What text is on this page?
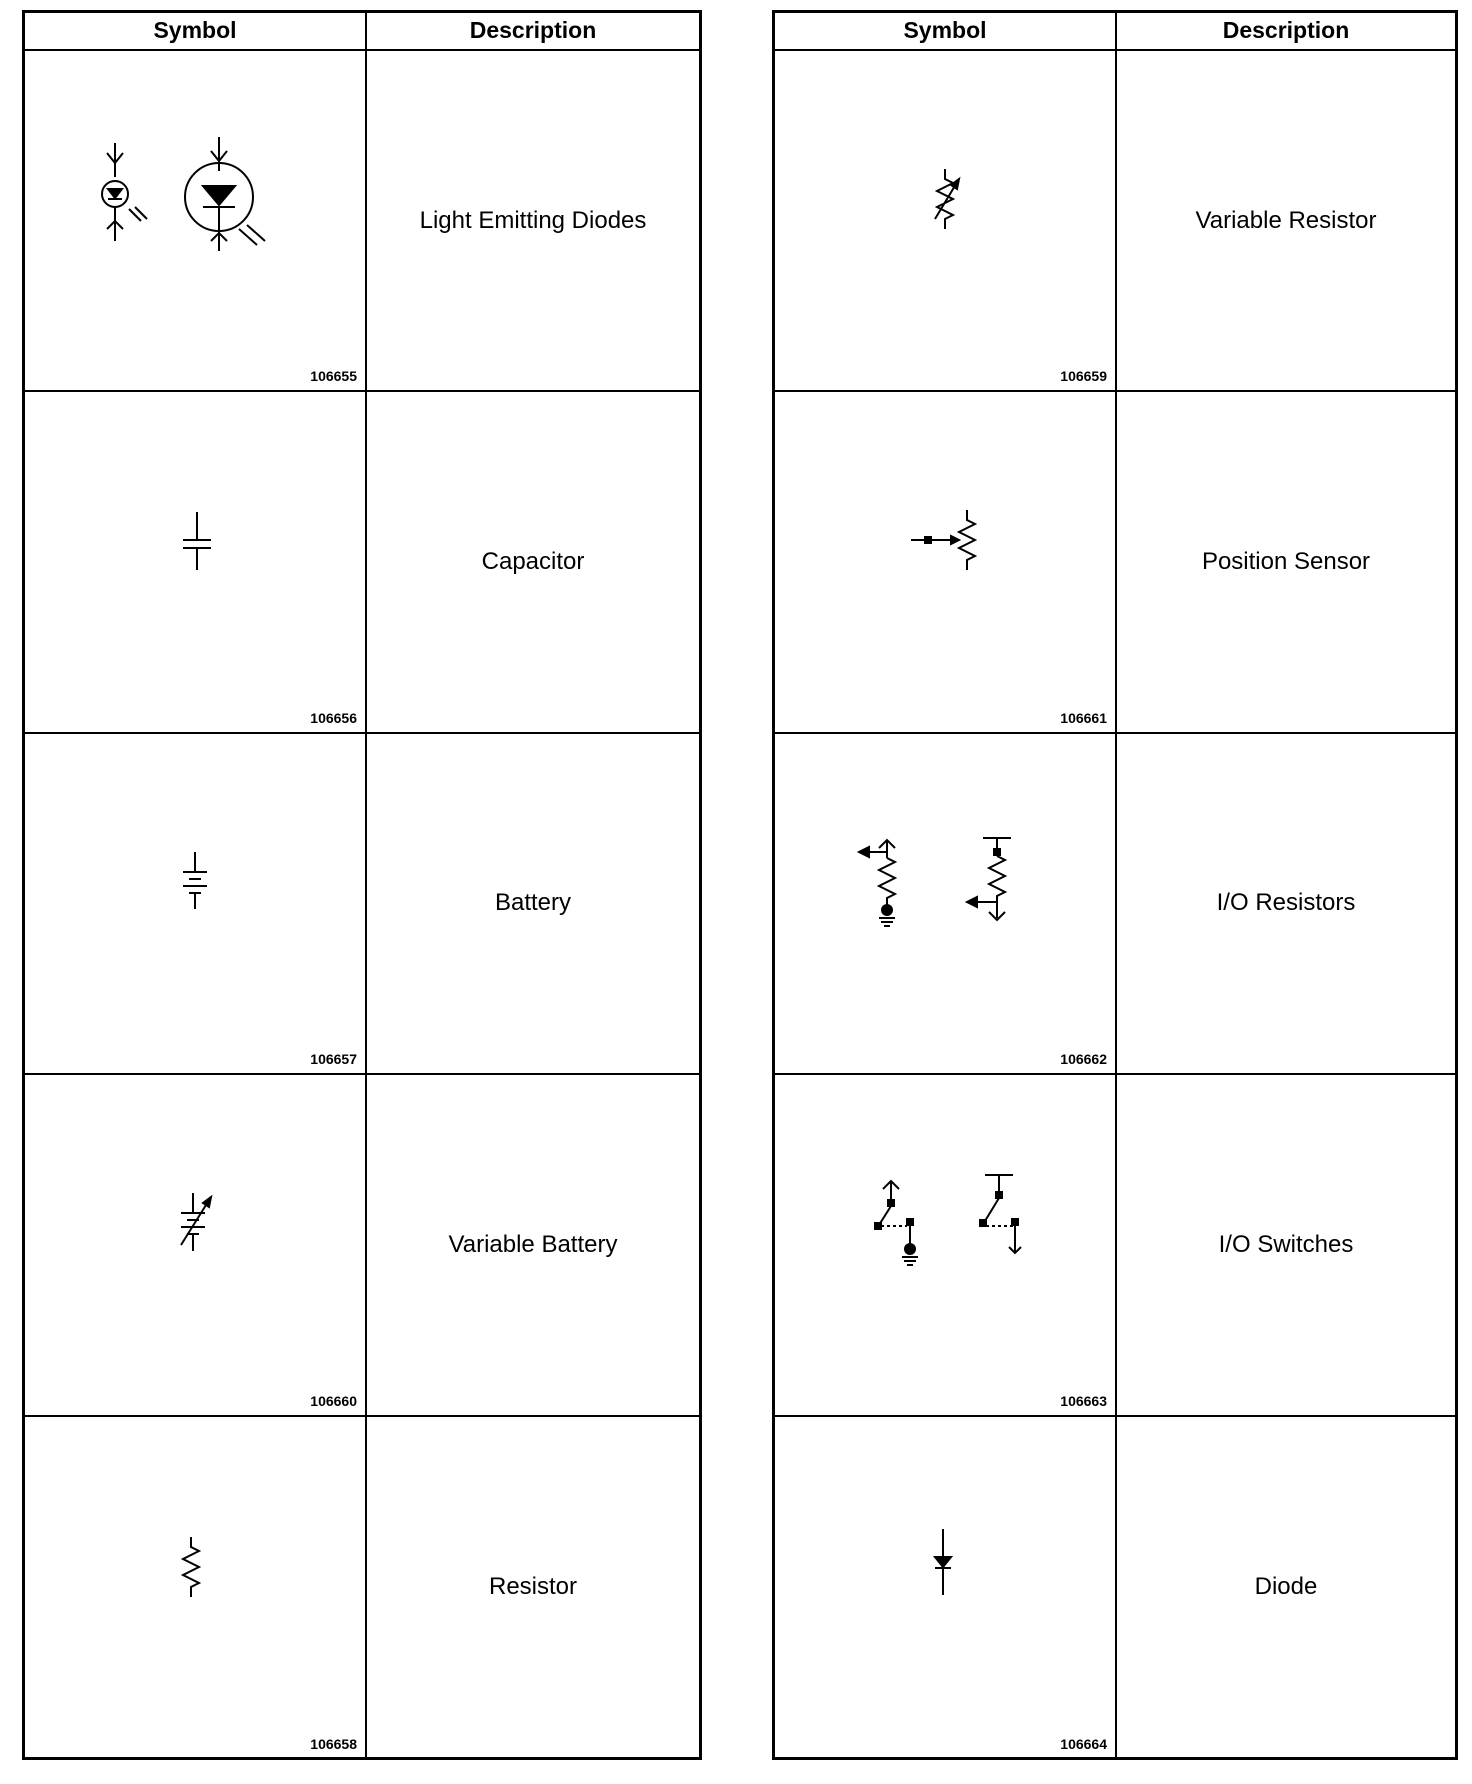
Symbol	Description
106655
Light Emitting Diodes
106656
Capacitor
106657
Battery
106660
Variable Battery
106658
Resistor
Symbol	Description
106659
Variable Resistor
106661
Position Sensor
106662
I/O Resistors
106663
I/O Switches
106664
Diode
